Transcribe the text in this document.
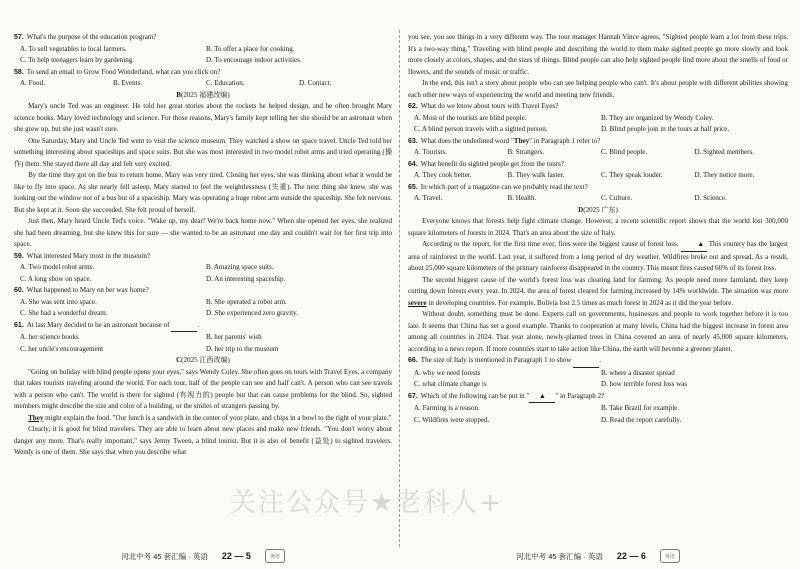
57. What's the purpose of the education program?
A. To sell vegetables to local farmers.	B. To offer a place for cooking.
C. To help teenagers learn by gardening.	D. To encourage indoor activities.
58. To send an email to Grow Food Wonderland, what can you click on?
A. Food.	B. Events.	C. Education.	D. Contact.
B(2025 福建改编)

Mary's uncle Ted was an engineer. He told her great stories about the rockets he helped design, and he often brought Mary science books. Mary loved technology and science. For those reasons, Mary's family kept telling her she should be an astronaut when she grew up, but she just wasn't sure.

One Saturday, Mary and Uncle Ted went to visit the science museum. They watched a show on space travel. Uncle Ted told her something interesting about spaceships and space suits. But she was most interested in two model robot arms and tried operating (操作) them. She stayed there all day and felt very excited.

By the time they got on the bus to return home, Mary was very tired. Closing her eyes, she was thinking about what it would be like to fly into space. As she nearly fell asleep, Mary started to feel the weightlessness (失重). The next thing she knew, she was looking out the window not of a bus but of a spaceship. Mary was operating a huge robot arm outside the spaceship. She felt nervous. But she kept at it. Soon she succeeded. She felt proud of herself.

Just then, Mary heard Uncle Ted's voice. "Wake up, my dear! We're back home now." When she opened her eyes, she realized she had been dreaming, but she knew this for sure — she wanted to be an astronaut one day and couldn't wait for her first trip into space.

59. What interested Mary most in the museum?
A. Two model robot arms.	B. Amazing space suits.
C. A long show on space.	D. An interesting spaceship.
60. What happened to Mary on her way home?
A. She was sent into space.	B. She operated a robot arm.
C. She had a wonderful dream.	D. She experienced zero gravity.
61. At last Mary decided to be an astronaut because of	.
A. her science books	B. her parents' wish
C. her uncle's encouragement	D. her trip to the museum
C(2025 江西改编)

"Going on holiday with blind people opens your eyes," says Wendy Coley. She often goes on tours with Travel Eyes, a company that takes tourists traveling around the world. For each tour, half of the people can see and half can't. A person who can see travels with a person who can't. The world is there for sighted (有视力的) people but that can cause problems for the blind. So, sighted members might describe the size and color of a building, or the smiles of strangers passing by.

They might explain the food. "Our lunch is a sandwich in the center of your plate, and chips in a bowl to the right of your plate."

Clearly, it is good for blind travelers. They are able to learn about new places and make new friends. "You don't worry about danger any more. That's really important," says Jenny Tween, a blind tourist. But it is also of benefit (益处) to sighted travelers. Wendy is one of them. She says that when you describe what

河北中考 45 套汇编 · 英语 22 — 5	英语

you see, you see things in a very different way. The tour manager Hannah Vince agrees, "Sighted people learn a lot from these trips. It's a two-way thing." Traveling with blind people and describing the world to them make sighted people go more slowly and look more closely at colors, shapes, and the sizes of things. Blind people can also help sighted people find more about the smells of food or flowers, and the sounds of music or traffic.

In the end, this isn't a story about people who can see helping people who can't. It's about people with different abilities showing each other new ways of experiencing the world and meeting new friends.

62. What do we know about tours with Travel Eyes?
A. Most of the tourists are blind people.	B. They are organized by Wendy Coley.
C. A blind person travels with a sighted person.	D. Blind people join in the tours at half price.
63. What does the underlined word "They" in Paragraph 1 refer to?
A. Tourists.	B. Strangers.	C. Blind people.	D. Sighted members.
64. What benefit do sighted people get from the tours?
A. They cook better.	B. They walk faster.	C. They speak louder.	D. They notice more.
65. In which part of a magazine can we probably read the text?
A. Travel.	B. Health.	C. Culture.	D. Science.
D(2025 广东)

Everyone knows that forests help fight climate change. However, a recent scientific report shows that the world lost 300,000 square kilometers of forests in 2024. That's an area about the size of Italy.

According to the report, for the first time ever, fires were the biggest cause of forest loss.	▲ This country has the largest area of rainforest in the world. Last year, it suffered from a long period of dry weather. Wildfires broke out and spread. As a result, about 25,000 square kilometers of the primary rainforest disappeared in the country. This meant fires caused 66% of its forest loss.

The second biggest cause of the world's forest loss was clearing land for farming. As people need more farmland, they keep cutting down forests every year. In 2024, the area of forest cleared for farming increased by 14% worldwide. The situation was more severe in developing countries. For example, Bolivia lost 2.5 times as much forest in 2024 as it did the year before.

Without doubt, something must be done. Experts call on governments, businesses and people to work together before it is too late. It seems that China has set a good example. Thanks to cooperation at many levels, China had the biggest increase in forest area among all countries in 2024. That year alone, newly-planted trees in China covered an area of nearly 45,000 square kilometers, according to a news report. If more countries start to take action like China, the earth will become a greener planet.

66. The size of Italy is mentioned in Paragraph 1 to show	.
A. why we need forests	B. where a disaster spread
C. what climate change is	D. how terrible forest loss was
67. Which of the following can be put in " ▲ " in Paragraph 2?
A. Farming is a reason.	B. Take Brazil for example.
C. Wildfires were stopped.	D. Read the report carefully.
河北中考 45 套汇编 · 英语 22 — 6	英语
关注公众号★老科人+
